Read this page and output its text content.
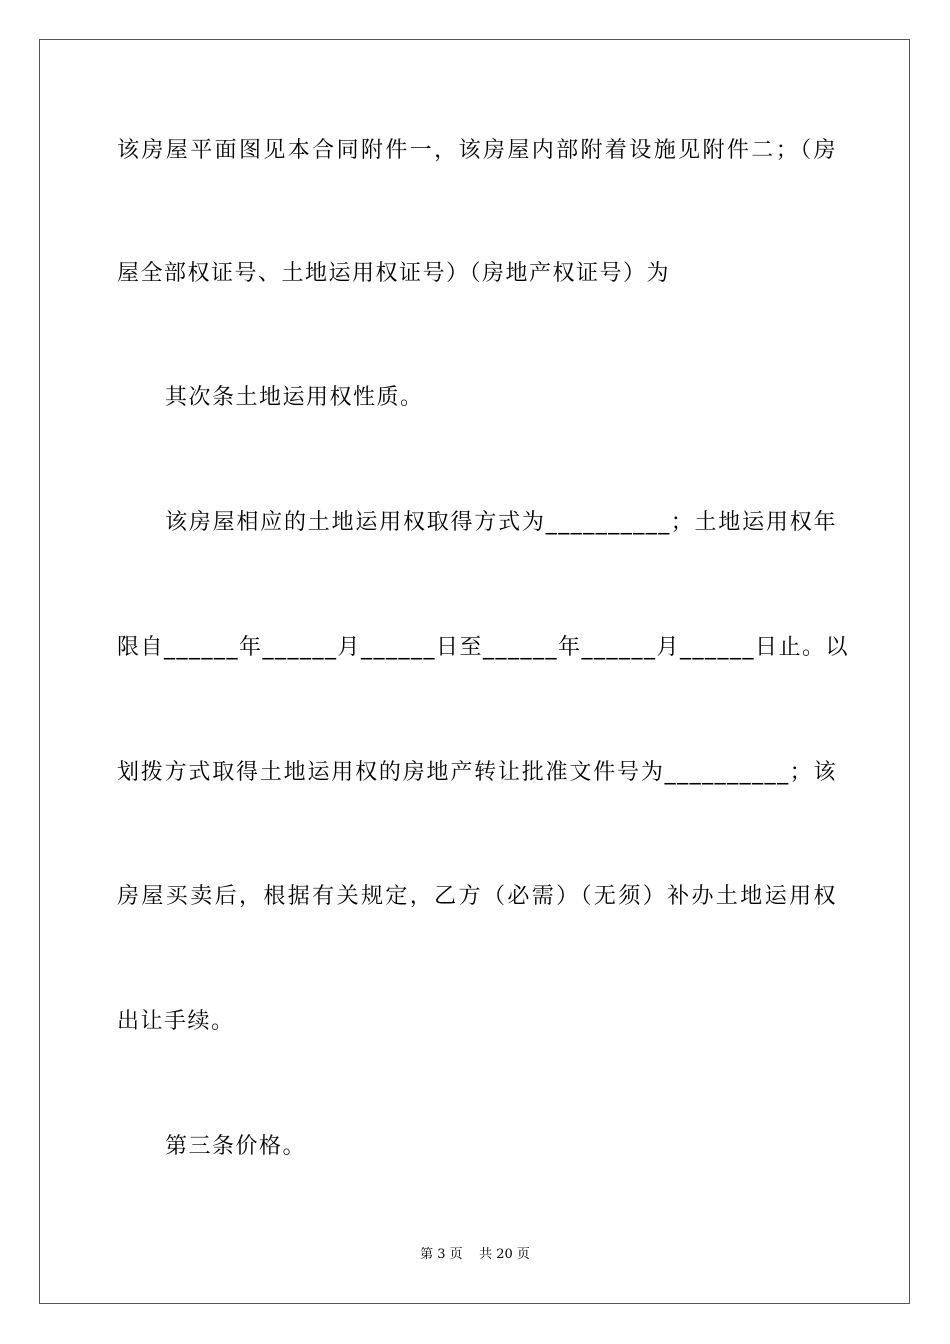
该房屋平面图见本合同附件一，该房屋内部附着设施见附件二；（房
屋全部权证号、土地运用权证号）（房地产权证号）为
其次条土地运用权性质。
该房屋相应的土地运用权取得方式为__________；土地运用权年
限自______年______月______日至______年______月______日止。以
划拨方式取得土地运用权的房地产转让批准文件号为__________；该
房屋买卖后，根据有关规定，乙方（必需）（无须）补办土地运用权
出让手续。
第三条价格。
第 3 页    共 20 页
